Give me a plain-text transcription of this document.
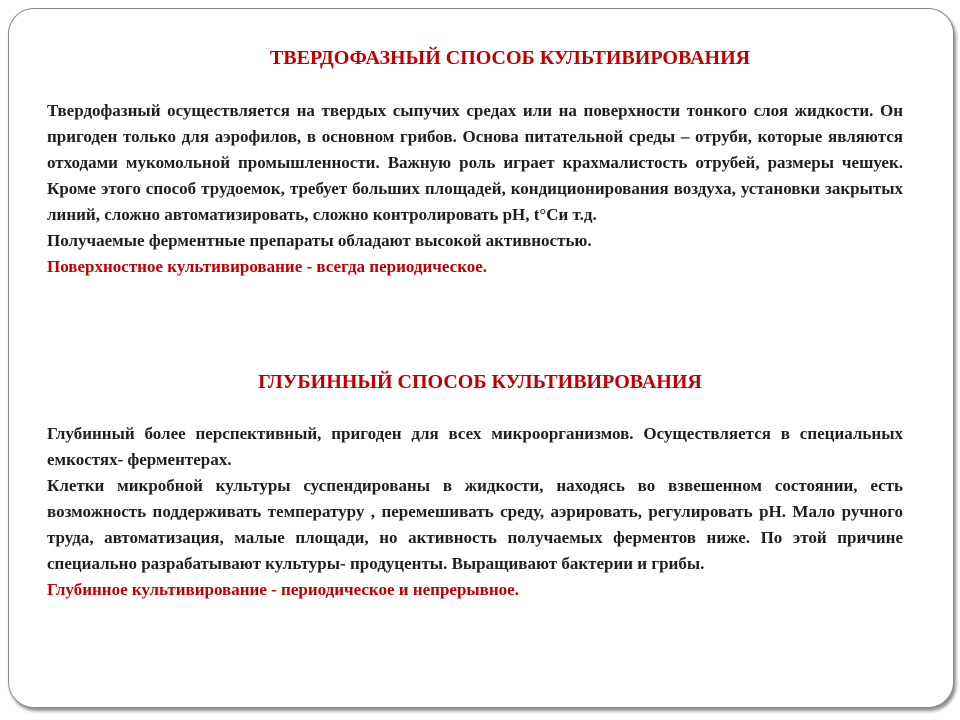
ТВЕРДОФАЗНЫЙ СПОСОБ КУЛЬТИВИРОВАНИЯ

Твердофазный осуществляется на твердых сыпучих средах или на поверхности тонкого слоя жидкости. Он пригоден только для аэрофилов, в основном грибов. Основа питательной среды – отруби, которые являются отходами мукомольной промышленности. Важную роль играет крахмалистость отрубей, размеры чешуек. Кроме этого способ трудоемок, требует больших площадей, кондиционирования воздуха, установки закрытых линий, сложно автоматизировать, сложно контролировать рН, t°Си т.д.

Получаемые ферментные препараты обладают высокой активностью.

Поверхностное культивирование - всегда периодическое.

ГЛУБИННЫЙ СПОСОБ КУЛЬТИВИРОВАНИЯ

Глубинный более перспективный, пригоден для всех микроорганизмов. Осуществляется в специальных емкостях- ферментерах.

Клетки микробной культуры суспендированы в жидкости, находясь во взвешенном состоянии, есть возможность поддерживать температуру , перемешивать среду, аэрировать, регулировать рН. Мало ручного труда, автоматизация, малые площади, но активность получаемых ферментов ниже. По этой причине специально разрабатывают культуры- продуценты. Выращивают бактерии и грибы.

Глубинное культивирование - периодическое и непрерывное.
